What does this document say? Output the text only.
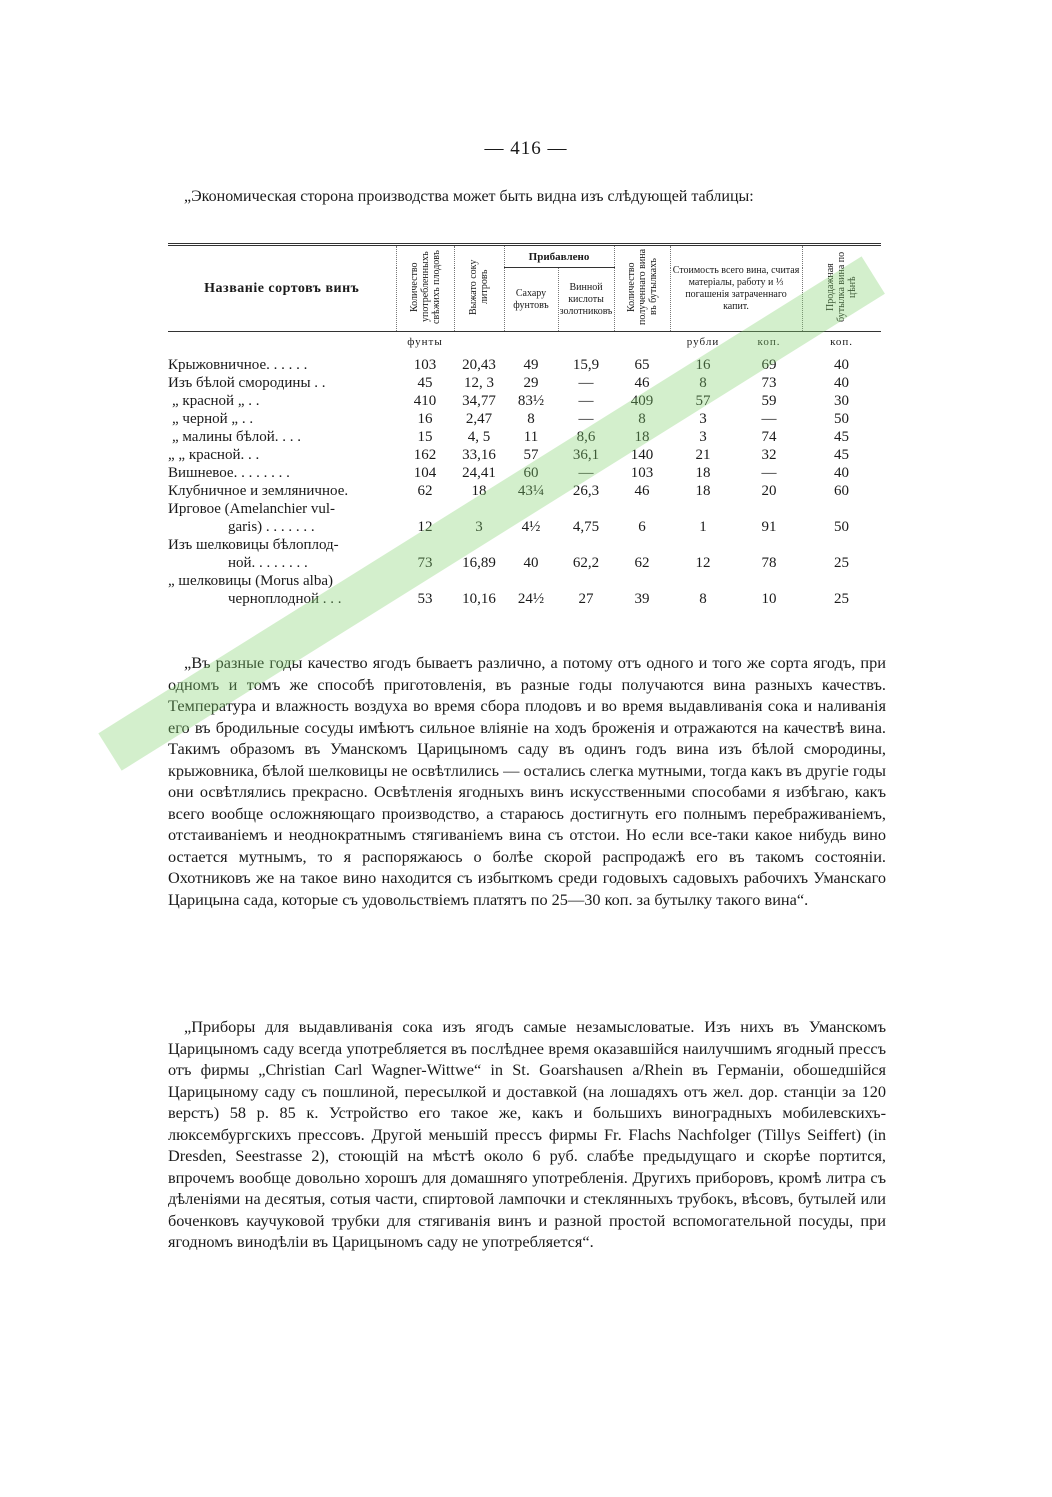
— 416 —

„Экономическая сторона производства может быть видна изъ слѣдующей таблицы:

Названіе сортовъ винъ	Количество употребленныхъ свѣжихъ плодовъ	Выжато соку литровъ	Прибавлено		Количество полученнаго вина въ бутылкахъ	Стоимость всего вина, считая матеріалы, работу и ⅓ погашенія затраченнаго капит.		Продажная бутылка вина по цѣнѣ
			Сахару фунтовъ	Винной кислоты золотниковъ				
	фунты					рубли	коп.	коп.
Крыжовничное. . . . . .	103	20,43	49	15,9	65	16	69	40
Изъ бѣлой смородины . .	45	12, 3	29	—	46	8	73	40
„ красной „ . .	410	34,77	83½	—	409	57	59	30
„ черной „ . .	16	2,47	8	—	8	3	—	50
„ малины бѣлой. . . .	15	4, 5	11	8,6	18	3	74	45
„ „ красной. . .	162	33,16	57	36,1	140	21	32	45
Вишневое. . . . . . . .	104	24,41	60	—	103	18	—	40
Клубничное и земляничное.	62	18	43¼	26,3	46	18	20	60
Ирговое (Amelanchier vul-								
garis) . . . . . . .	12	3	4½	4,75	6	1	91	50
Изъ шелковицы бѣлоплод-								
ной. . . . . . . .	73	16,89	40	62,2	62	12	78	25
„ шелковицы (Morus alba)								
черноплодной . . .	53	10,16	24½	27	39	8	10	25

„Въ разные годы качество ягодъ бываетъ различно, а потому отъ одного и того же сорта ягодъ, при одномъ и томъ же способѣ приготовленія, въ разные годы получаются вина разныхъ качествъ. Температура и влажность воздуха во время сбора плодовъ и во время выдавливанія сока и наливанія его въ бродильные сосуды имѣютъ сильное вліяніе на ходъ броженія и отражаются на качествѣ вина. Такимъ образомъ въ Уманскомъ Царицыномъ саду въ одинъ годъ вина изъ бѣлой смородины, крыжовника, бѣлой шелковицы не освѣтлились — остались слегка мутными, тогда какъ въ другіе годы они освѣтлялись прекрасно. Освѣтленія ягодныхъ винъ искусственными способами я избѣгаю, какъ всего вообще осложняющаго производство, а стараюсь достигнуть его полнымъ перебраживаніемъ, отстаиваніемъ и неоднократнымъ стягиваніемъ вина съ отстои. Но если все-таки какое нибудь вино остается мутнымъ, то я распоряжаюсь о болѣе скорой распродажѣ его въ такомъ состояніи. Охотниковъ же на такое вино находится съ избыткомъ среди годовыхъ садовыхъ рабочихъ Уманскаго Царицына сада, которые съ удовольствіемъ платятъ по 25—30 коп. за бутылку такого вина“.

„Приборы для выдавливанія сока изъ ягодъ самые незамысловатые. Изъ нихъ въ Уманскомъ Царицыномъ саду всегда употребляется въ послѣднее время оказавшійся наилучшимъ ягодный прессъ отъ фирмы „Christian Carl Wagner-Wittwe“ in St. Goarshausen a/Rhein въ Германіи, обошедшійся Царицыному саду съ пошлиной, пересылкой и доставкой (на лошадяхъ отъ жел. дор. станціи за 120 верстъ) 58 р. 85 к. Устройство его такое же, какъ и большихъ виноградныхъ мобилевскихъ-люксембургскихъ прессовъ. Другой меньшій прессъ фирмы Fr. Flachs Nachfolger (Tillys Seiffert) (in Dresden, Seestrasse 2), стоющій на мѣстѣ около 6 руб. слабѣе предыдущаго и скорѣе портится, впрочемъ вообще довольно хорошъ для домашняго употребленія. Другихъ приборовъ, кромѣ литра съ дѣленіями на десятыя, сотыя части, спиртовой лампочки и стеклянныхъ трубокъ, вѣсовъ, бутылей или боченковъ каучуковой трубки для стягиванія винъ и разной простой вспомогательной посуды, при ягодномъ винодѣліи въ Царицыномъ саду не употребляется“.
